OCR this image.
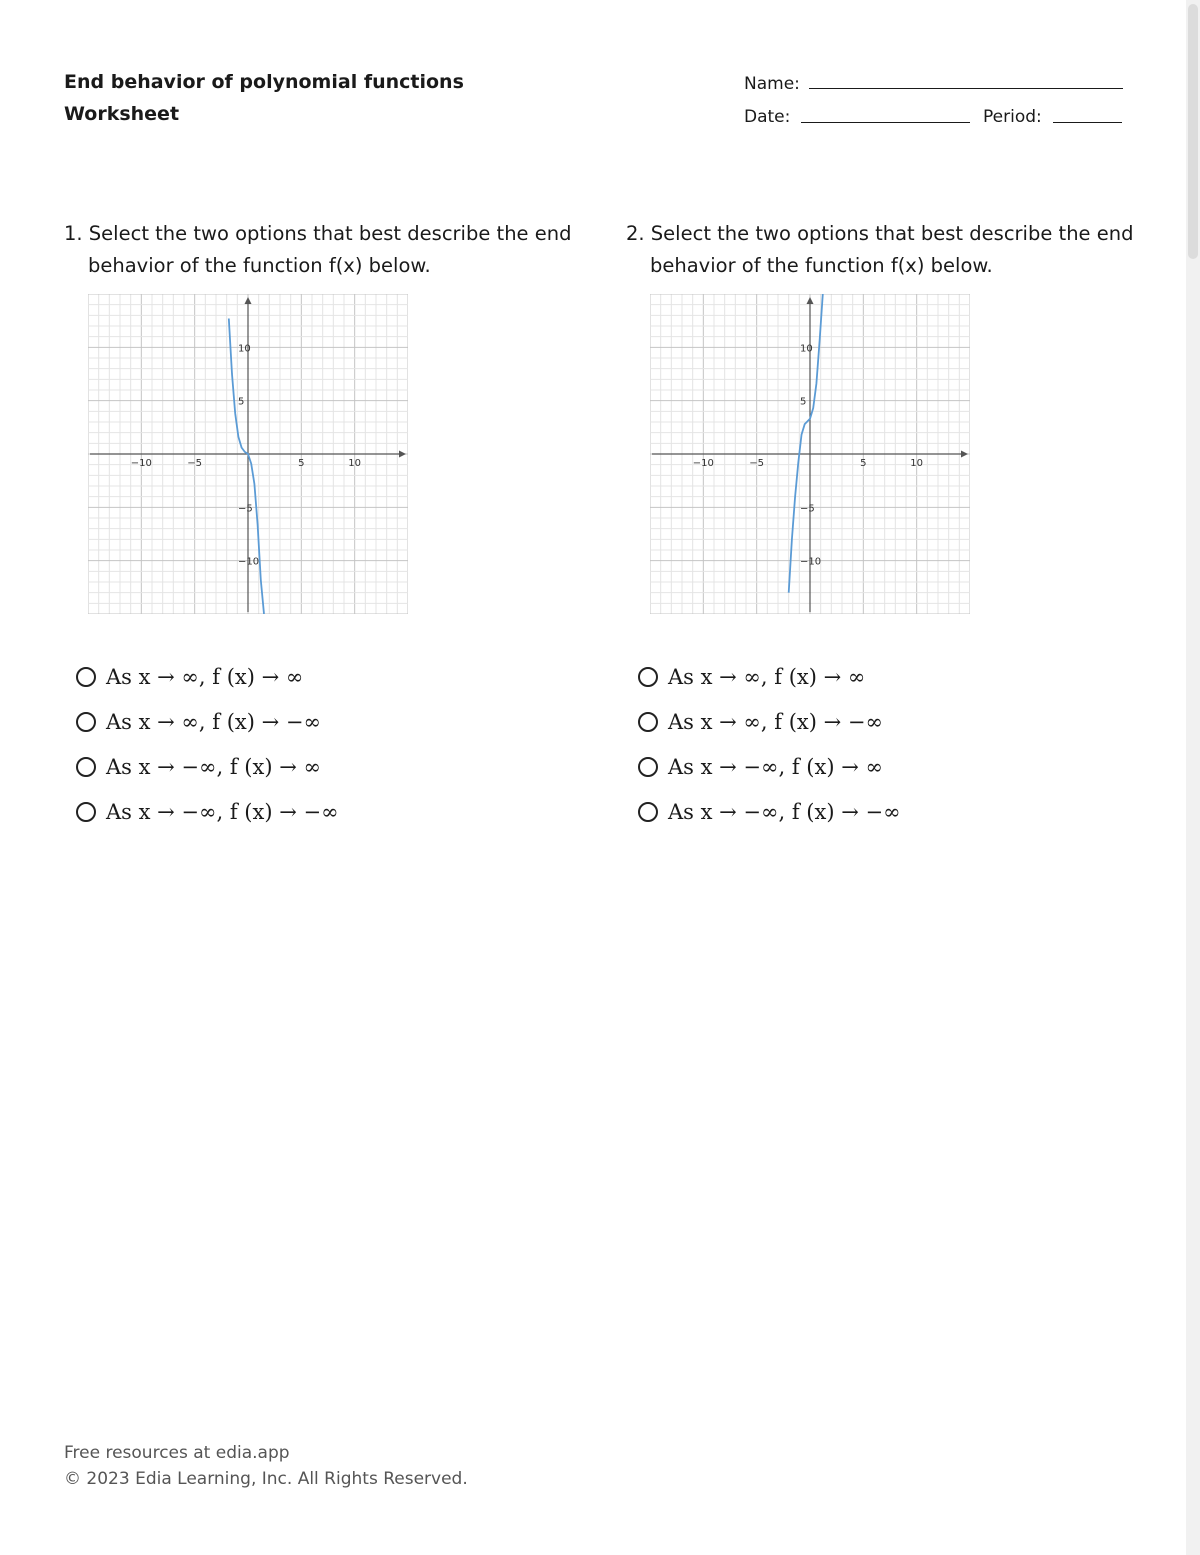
End behavior of polynomial functions
Worksheet
Name:
Date:	Period:

1. Select the two options that best describe the end behavior of the function f(x) below.

−10	−5	5	10
10
5
−5
−10
As x → ∞, f (x) → ∞
As x → ∞, f (x) → −∞
As x → −∞, f (x) → ∞
As x → −∞, f (x) → −∞

2. Select the two options that best describe the end behavior of the function f(x) below.

−10	−5	5	10
10
5
−5
−10
As x → ∞, f (x) → ∞
As x → ∞, f (x) → −∞
As x → −∞, f (x) → ∞
As x → −∞, f (x) → −∞
Free resources at edia.app
© 2023 Edia Learning, Inc. All Rights Reserved.
